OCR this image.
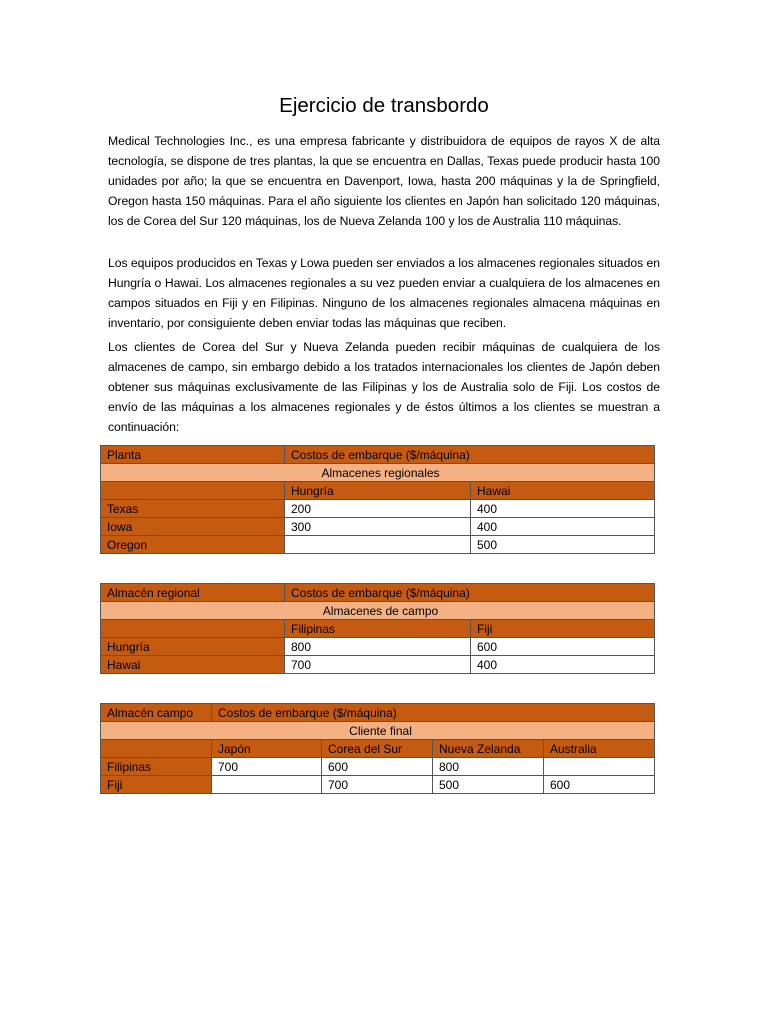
Ejercicio de transbordo

Medical Technologies Inc., es una empresa fabricante y distribuidora de equipos de rayos X de alta tecnología, se dispone de tres plantas, la que se encuentra en Dallas, Texas puede producir hasta 100 unidades por año; la que se encuentra en Davenport, Iowa, hasta 200 máquinas y la de Springfield, Oregon hasta 150 máquinas. Para el año siguiente los clientes en Japón han solicitado 120 máquinas, los de Corea del Sur 120 máquinas, los de Nueva Zelanda 100 y los de Australia 110 máquinas.

Los equipos producidos en Texas y Lowa pueden ser enviados a los almacenes regionales situados en Hungría o Hawai. Los almacenes regionales a su vez pueden enviar a cualquiera de los almacenes en campos situados en Fiji y en Filipinas. Ninguno de los almacenes regionales almacena máquinas en inventario, por consiguiente deben enviar todas las máquinas que reciben.

Los clientes de Corea del Sur y Nueva Zelanda pueden recibir máquinas de cualquiera de los almacenes de campo, sin embargo debido a los tratados internacionales los clientes de Japón deben obtener sus máquinas exclusivamente de las Filipinas y los de Australia solo de Fiji. Los costos de envío de las máquinas a los almacenes regionales y de éstos últimos a los clientes se muestran a continuación:

Planta	Costos de embarque ($/máquina)	
Almacenes regionales		
	Hungría	Hawai
Texas	200	400
Iowa	300	400
Oregon		500
Almacén regional	Costos de embarque ($/máquina)	
Almacenes de campo		
	Filipinas	Fiji
Hungría	800	600
Hawai	700	400
Almacén campo	Costos de embarque ($/máquina)			
Cliente final				
	Japón	Corea del Sur	Nueva Zelanda	Australia
Filipinas	700	600	800	
Fiji		700	500	600
